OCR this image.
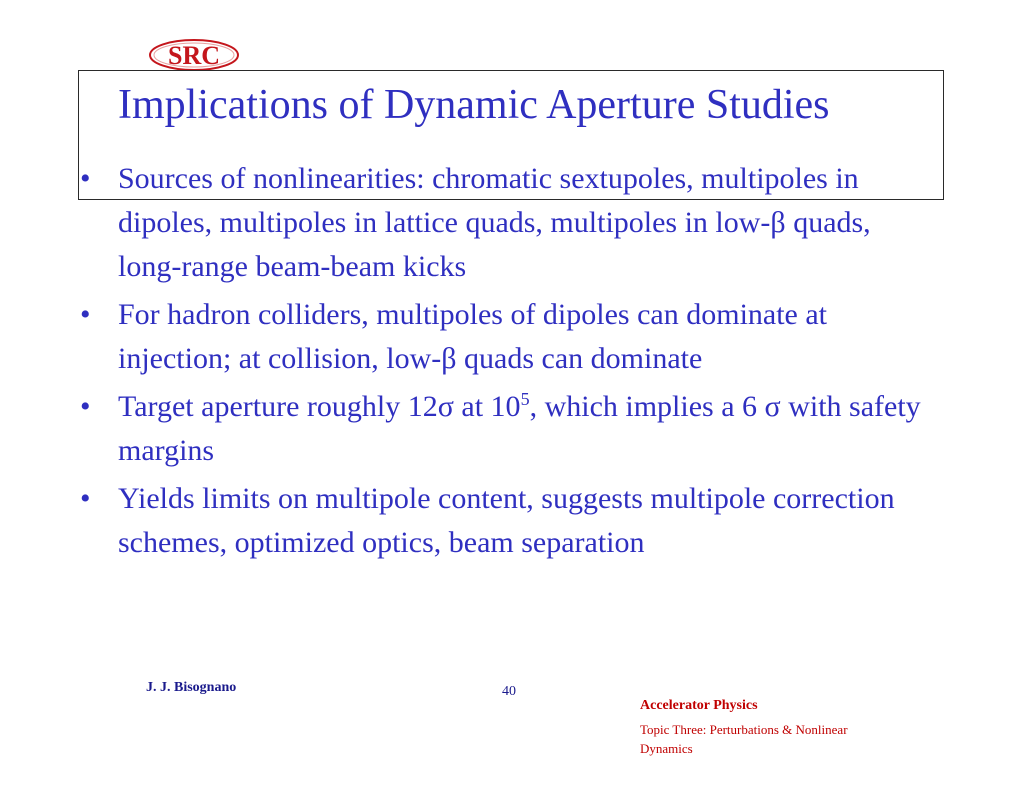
SRC
Implications of Dynamic Aperture Studies
• Sources of nonlinearities: chromatic sextupoles, multipoles in dipoles, multipoles in lattice quads, multipoles in low-β quads, long-range beam-beam kicks
• For hadron colliders, multipoles of dipoles can dominate at injection; at collision, low-β quads can dominate
• Target aperture roughly 12σ at $10^5$, which implies a 6 σ with safety margins
• Yields limits on multipole content, suggests multipole correction schemes, optimized optics, beam separation
J. J. Bisognano	40
Accelerator Physics
Topic Three: Perturbations & Nonlinear Dynamics
